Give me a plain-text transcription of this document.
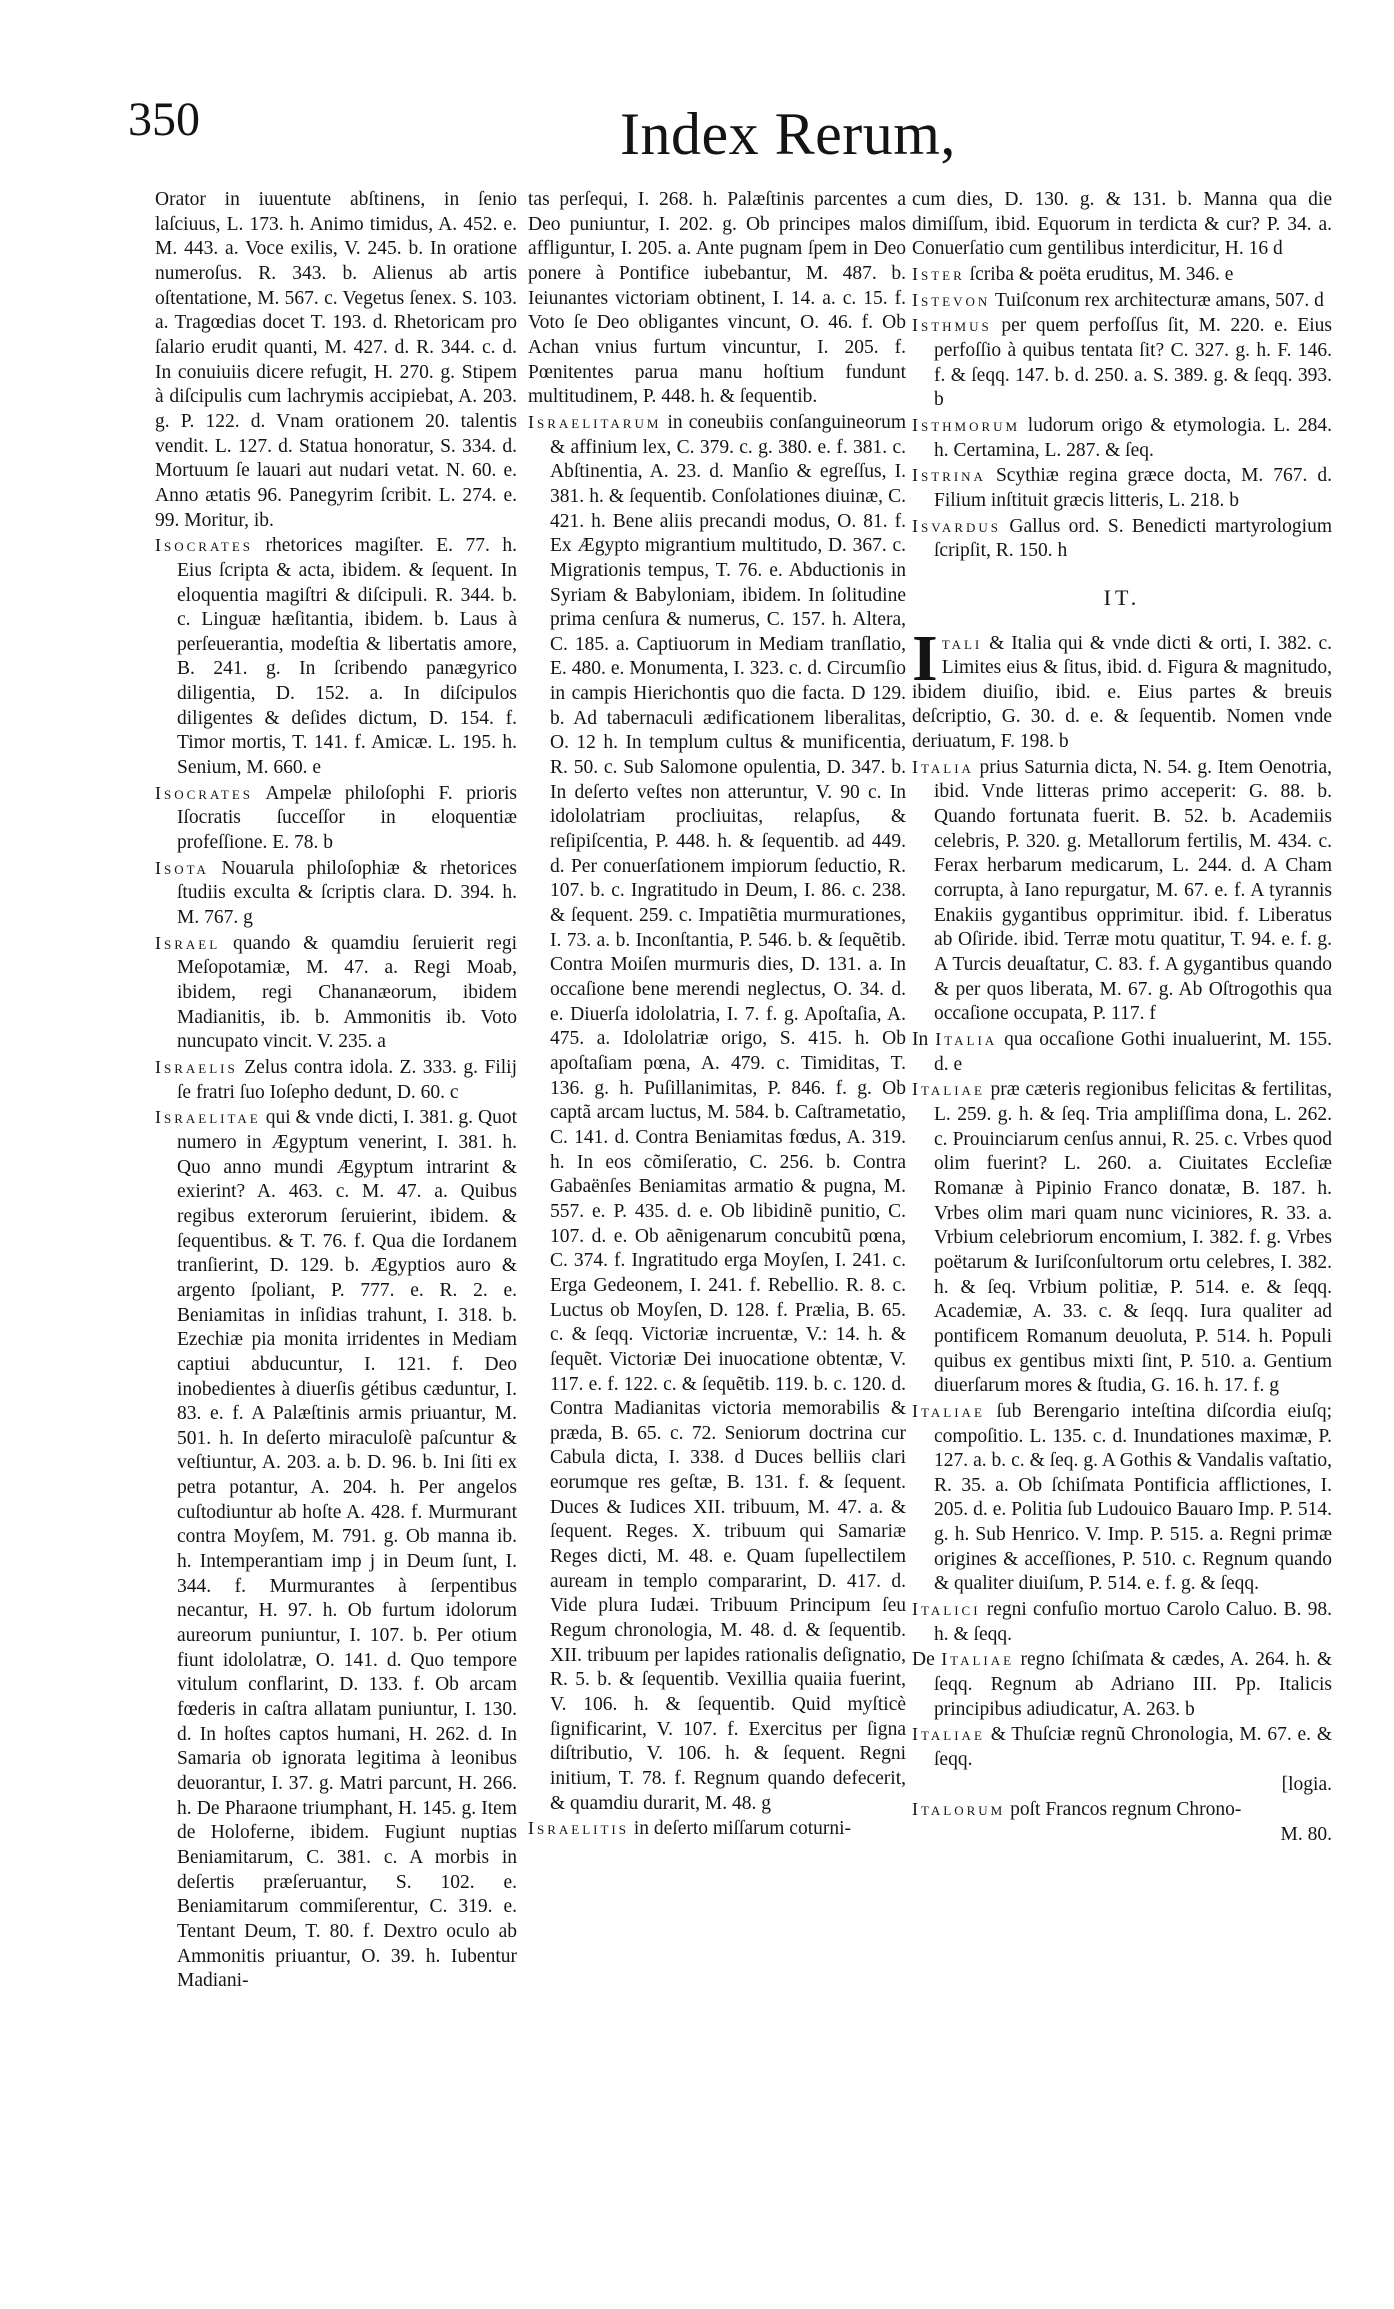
350	Index Rerum,

Orator in iuuentute abſtinens, in ſenio laſciuus, L. 173. h. Animo timidus, A. 452. e. M. 443. a. Voce exilis, V. 245. b. In oratione numeroſus. R. 343. b. Alienus ab artis oſtentatione, M. 567. c. Vegetus ſenex. S. 103. a. Tragœdias docet T. 193. d. Rhetoricam pro ſalario erudit quanti, M. 427. d. R. 344. c. d. In conuiuiis dicere refugit, H. 270. g. Stipem à diſcipulis cum lachrymis accipiebat, A. 203. g. P. 122. d. Vnam orationem 20. talentis vendit. L. 127. d. Statua honoratur, S. 334. d. Mortuum ſe lauari aut nudari vetat. N. 60. e. Anno ætatis 96. Panegyrim ſcribit. L. 274. e. 99. Moritur, ib.

Isocrates rhetorices magiſter. E. 77. h. Eius ſcripta & acta, ibidem. & ſequent. In eloquentia magiſtri & diſcipuli. R. 344. b. c. Linguæ hæſitantia, ibidem. b. Laus à perſeuerantia, modeſtia & libertatis amore, B. 241. g. In ſcribendo panægyrico diligentia, D. 152. a. In diſcipulos diligentes & deſides dictum, D. 154. f. Timor mortis, T. 141. f. Amicæ. L. 195. h. Senium, M. 660. e

Isocrates Ampelæ philoſophi F. prioris Iſocratis ſucceſſor in eloquentiæ profeſſione. E. 78. b

Isota Nouarula philoſophiæ & rhetorices ſtudiis exculta & ſcriptis clara. D. 394. h. M. 767. g

Israel quando & quamdiu ſeruierit regi Meſopotamiæ, M. 47. a. Regi Moab, ibidem, regi Chananæorum, ibidem Madianitis, ib. b. Ammonitis ib. Voto nuncupato vincit. V. 235. a

Israelis Zelus contra idola. Z. 333. g. Filij ſe fratri ſuo Ioſepho dedunt, D. 60. c

Israelitae qui & vnde dicti, I. 381. g. Quot numero in Ægyptum venerint, I. 381. h. Quo anno mundi Ægyptum intrarint & exierint? A. 463. c. M. 47. a. Quibus regibus exterorum ſeruierint, ibidem. & ſequentibus. & T. 76. f. Qua die Iordanem tranſierint, D. 129. b. Ægyptios auro & argento ſpoliant, P. 777. e. R. 2. e. Beniamitas in inſidias trahunt, I. 318. b. Ezechiæ pia monita irridentes in Mediam captiui abducuntur, I. 121. f. Deo inobedientes à diuerſis gétibus cæduntur, I. 83. e. f. A Palæſtinis armis priuantur, M. 501. h. In deſerto miraculoſè paſcuntur & veſtiuntur, A. 203. a. b. D. 96. b. Ini ſiti ex petra potantur, A. 204. h. Per angelos cuſtodiuntur ab hoſte A. 428. f. Murmurant contra Moyſem, M. 791. g. Ob manna ib. h. Intemperantiam imp j in Deum ſunt, I. 344. f. Murmurantes à ſerpentibus necantur, H. 97. h. Ob furtum idolorum aureorum puniuntur, I. 107. b. Per otium fiunt idololatræ, O. 141. d. Quo tempore vitulum conflarint, D. 133. f. Ob arcam fœderis in caſtra allatam puniuntur, I. 130. d. In hoſtes captos humani, H. 262. d. In Samaria ob ignorata legitima à leonibus deuorantur, I. 37. g. Matri parcunt, H. 266. h. De Pharaone triumphant, H. 145. g. Item de Holoferne, ibidem. Fugiunt nuptias Beniamitarum, C. 381. c. A morbis in deſertis præſeruantur, S. 102. e. Beniamitarum commiſerentur, C. 319. e. Tentant Deum, T. 80. f. Dextro oculo ab Ammonitis priuantur, O. 39. h. Iubentur Madiani-

tas perſequi, I. 268. h. Palæſtinis parcentes a Deo puniuntur, I. 202. g. Ob principes malos affliguntur, I. 205. a. Ante pugnam ſpem in Deo ponere à Pontifice iubebantur, M. 487. b. Ieiunantes victoriam obtinent, I. 14. a. c. 15. f. Voto ſe Deo obligantes vincunt, O. 46. f. Ob Achan vnius furtum vincuntur, I. 205. f. Pœnitentes parua manu hoſtium fundunt multitudinem, P. 448. h. & ſequentib.

Israelitarum in coneubiis conſanguineorum & affinium lex, C. 379. c. g. 380. e. f. 381. c. Abſtinentia, A. 23. d. Manſio & egreſſus, I. 381. h. & ſequentib. Conſolationes diuinæ, C. 421. h. Bene aliis precandi modus, O. 81. f. Ex Ægypto migrantium multitudo, D. 367. c. Migrationis tempus, T. 76. e. Abductionis in Syriam & Babyloniam, ibidem. In ſolitudine prima cenſura & numerus, C. 157. h. Altera, C. 185. a. Captiuorum in Mediam tranſlatio, E. 480. e. Monumenta, I. 323. c. d. Circumſio in campis Hierichontis quo die facta. D 129. b. Ad tabernaculi ædificationem liberalitas, O. 12 h. In templum cultus & munificentia, R. 50. c. Sub Salomone opulentia, D. 347. b. In deſerto veſtes non atteruntur, V. 90 c. In idololatriam procliuitas, relapſus, & reſipiſcentia, P. 448. h. & ſequentib. ad 449. d. Per conuerſationem impiorum ſeductio, R. 107. b. c. Ingratitudo in Deum, I. 86. c. 238. & ſequent. 259. c. Impatiẽtia murmurationes, I. 73. a. b. Inconſtantia, P. 546. b. & ſequẽtib. Contra Moiſen murmuris dies, D. 131. a. In occaſione bene merendi neglectus, O. 34. d. e. Diuerſa idololatria, I. 7. f. g. Apoſtaſia, A. 475. a. Idololatriæ origo, S. 415. h. Ob apoſtaſiam pœna, A. 479. c. Timiditas, T. 136. g. h. Puſillanimitas, P. 846. f. g. Ob captã arcam luctus, M. 584. b. Caſtrametatio, C. 141. d. Contra Beniamitas fœdus, A. 319. h. In eos cõmiſeratio, C. 256. b. Contra Gabaënſes Beniamitas armatio & pugna, M. 557. e. P. 435. d. e. Ob libidinẽ punitio, C. 107. d. e. Ob aẽnigenarum concubitũ pœna, C. 374. f. Ingratitudo erga Moyſen, I. 241. c. Erga Gedeonem, I. 241. f. Rebellio. R. 8. c. Luctus ob Moyſen, D. 128. f. Prælia, B. 65. c. & ſeqq. Victoriæ incruentæ, V.: 14. h. & ſequẽt. Victoriæ Dei inuocatione obtentæ, V. 117. e. f. 122. c. & ſequẽtib. 119. b. c. 120. d. Contra Madianitas victoria memorabilis & præda, B. 65. c. 72. Seniorum doctrina cur Cabula dicta, I. 338. d Duces belliis clari eorumque res geſtæ, B. 131. f. & ſequent. Duces & Iudices XII. tribuum, M. 47. a. & ſequent. Reges. X. tribuum qui Samariæ Reges dicti, M. 48. e. Quam ſupellectilem auream in templo compararint, D. 417. d. Vide plura Iudæi. Tribuum Principum ſeu Regum chronologia, M. 48. d. & ſequentib. XII. tribuum per lapides rationalis deſignatio, R. 5. b. & ſequentib. Vexillia quaiia fuerint, V. 106. h. & ſequentib. Quid myſticè ſignificarint, V. 107. f. Exercitus per ſigna diſtributio, V. 106. h. & ſequent. Regni initium, T. 78. f. Regnum quando defecerit, & quamdiu durarit, M. 48. g

Israelitis in deſerto miſſarum coturni-

cum dies, D. 130. g. & 131. b. Manna qua die dimiſſum, ibid. Equorum in terdicta & cur? P. 34. a. Conuerſatio cum gentilibus interdicitur, H. 16 d

Ister ſcriba & poëta eruditus, M. 346. e

Istevon Tuiſconum rex architecturæ amans, 507. d

Isthmus per quem perfoſſus ſit, M. 220. e. Eius perfoſſio à quibus tentata ſit? C. 327. g. h. F. 146. f. & ſeqq. 147. b. d. 250. a. S. 389. g. & ſeqq. 393. b

Isthmorum ludorum origo & etymologia. L. 284. h. Certamina, L. 287. & ſeq.

Istrina Scythiæ regina græce docta, M. 767. d. Filium inſtituit græcis litteris, L. 218. b

Isvardus Gallus ord. S. Benedicti martyrologium ſcripſit, R. 150. h

IT.

Itali & Italia qui & vnde dicti & orti, I. 382. c. Limites eius & ſitus, ibid. d. Figura & magnitudo, ibidem diuiſio, ibid. e. Eius partes & breuis deſcriptio, G. 30. d. e. & ſequentib. Nomen vnde deriuatum, F. 198. b

Italia prius Saturnia dicta, N. 54. g. Item Oenotria, ibid. Vnde litteras primo acceperit: G. 88. b. Quando fortunata fuerit. B. 52. b. Academiis celebris, P. 320. g. Metallorum fertilis, M. 434. c. Ferax herbarum medicarum, L. 244. d. A Cham corrupta, à Iano repurgatur, M. 67. e. f. A tyrannis Enakiis gygantibus opprimitur. ibid. f. Liberatus ab Oſiride. ibid. Terræ motu quatitur, T. 94. e. f. g. A Turcis deuaſtatur, C. 83. f. A gygantibus quando & per quos liberata, M. 67. g. Ab Oſtrogothis qua occaſione occupata, P. 117. f

In Italia qua occaſione Gothi inualuerint, M. 155. d. e

Italiae præ cæteris regionibus felicitas & fertilitas, L. 259. g. h. & ſeq. Tria ampliſſima dona, L. 262. c. Prouinciarum cenſus annui, R. 25. c. Vrbes quod olim fuerint? L. 260. a. Ciuitates Eccleſiæ Romanæ à Pipinio Franco donatæ, B. 187. h. Vrbes olim mari quam nunc viciniores, R. 33. a. Vrbium celebriorum encomium, I. 382. f. g. Vrbes poëtarum & Iuriſconſultorum ortu celebres, I. 382. h. & ſeq. Vrbium politiæ, P. 514. e. & ſeqq. Academiæ, A. 33. c. & ſeqq. Iura qualiter ad pontificem Romanum deuoluta, P. 514. h. Populi quibus ex gentibus mixti ſint, P. 510. a. Gentium diuerſarum mores & ſtudia, G. 16. h. 17. f. g

Italiae ſub Berengario inteſtina diſcordia eiuſq; compoſitio. L. 135. c. d. Inundationes maximæ, P. 127. a. b. c. & ſeq. g. A Gothis & Vandalis vaſtatio, R. 35. a. Ob ſchiſmata Pontificia afflictiones, I. 205. d. e. Politia ſub Ludouico Bauaro Imp. P. 514. g. h. Sub Henrico. V. Imp. P. 515. a. Regni primæ origines & acceſſiones, P. 510. c. Regnum quando & qualiter diuiſum, P. 514. e. f. g. & ſeqq.

Italici regni confuſio mortuo Carolo Caluo. B. 98. h. & ſeqq.

De Italiae regno ſchiſmata & cædes, A. 264. h. & ſeqq. Regnum ab Adriano III. Pp. Italicis principibus adiudicatur, A. 263. b

Italiae & Thuſciæ regnũ Chronologia, M. 67. e. & ſeqq.
[logia.

Italorum poſt Francos regnum Chrono-
M. 80.
